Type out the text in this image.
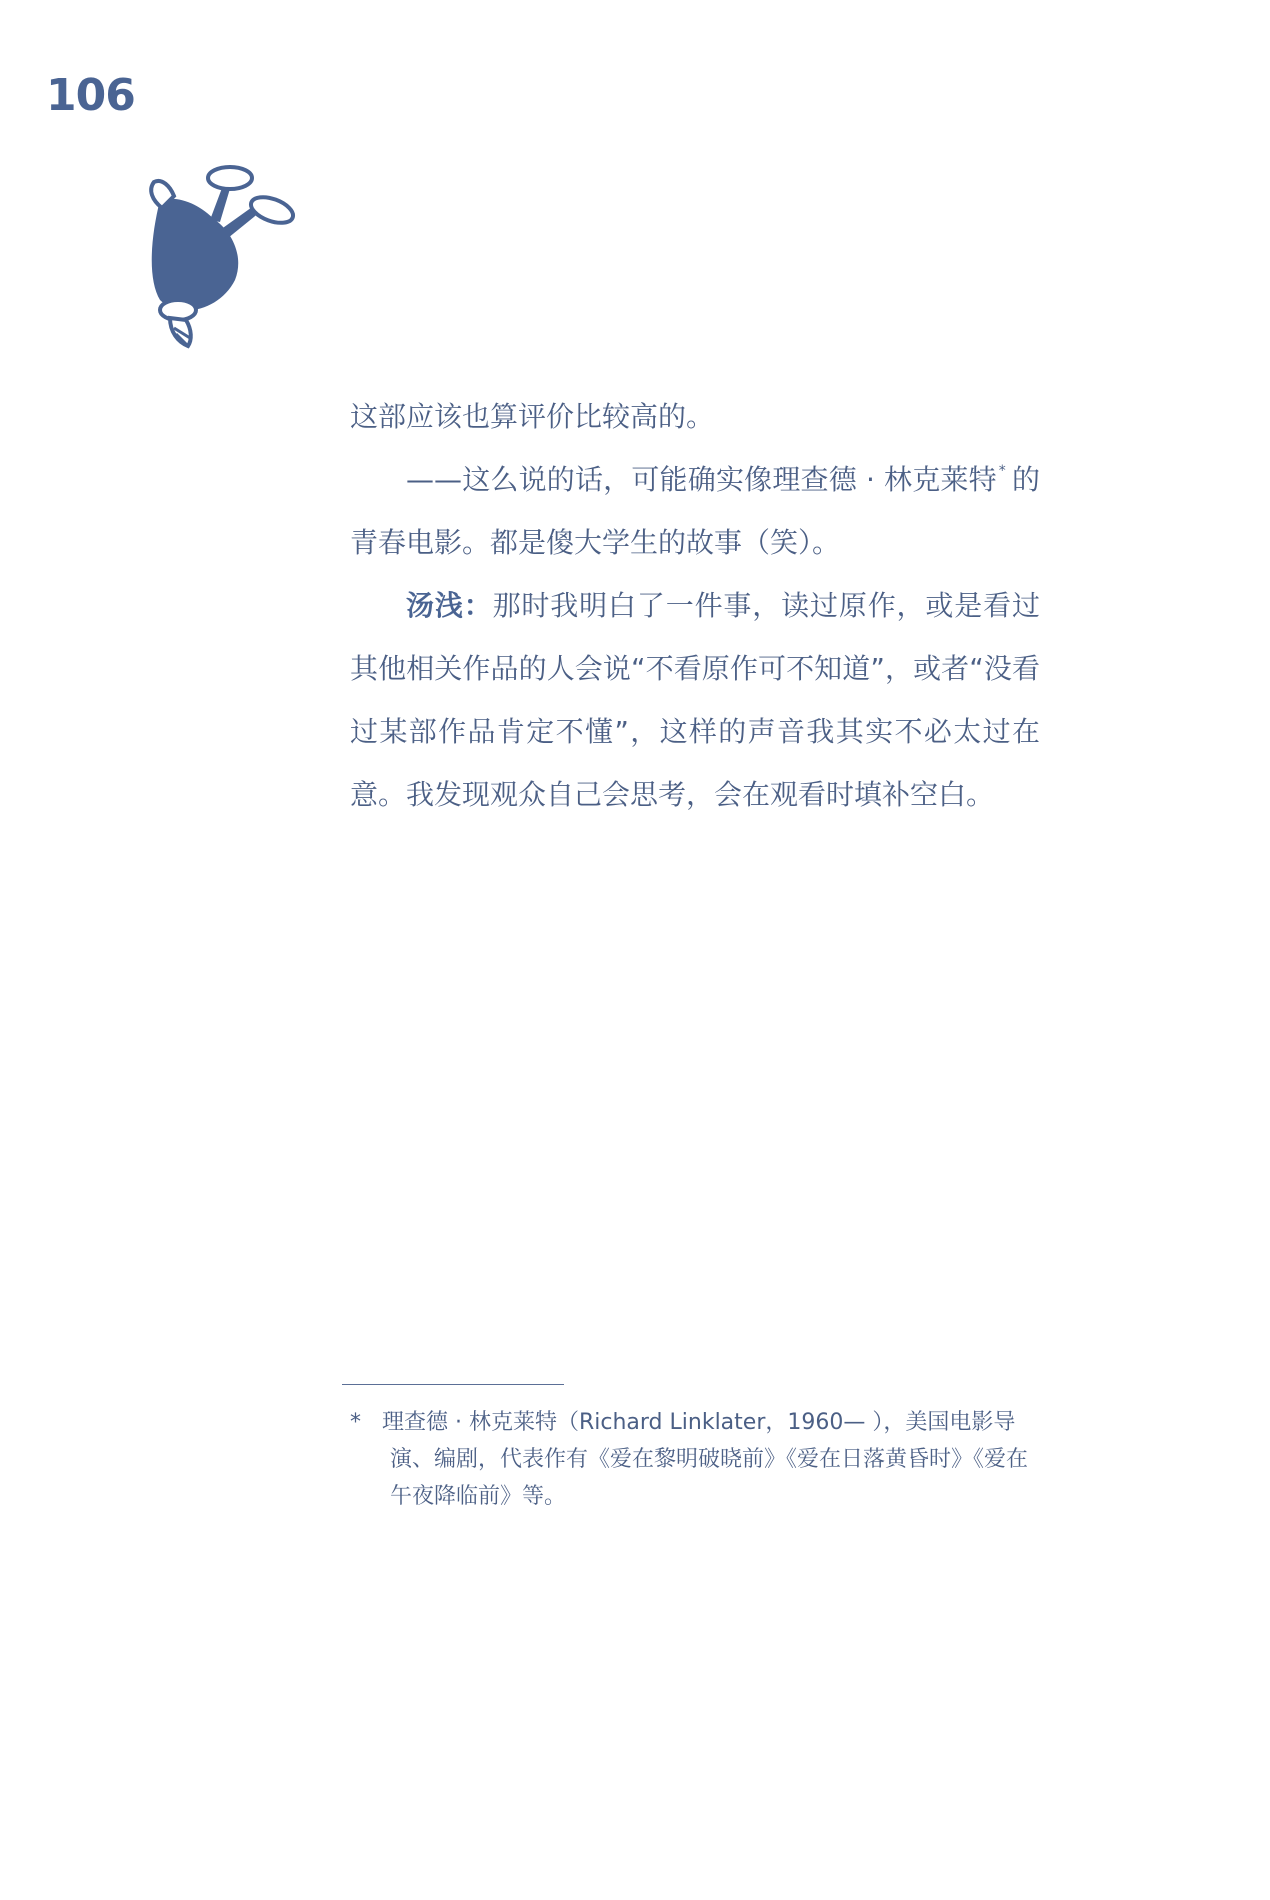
106

这部应该也算评价比较高的。

——这么说的话，可能确实像理查德 · 林克莱特 * 的青春电影。都是傻大学生的故事（笑）。

汤浅：那时我明白了一件事，读过原作，或是看过其他相关作品的人会说“不看原作可不知道”，或者“没看过某部作品肯定不懂”，这样的声音我其实不必太过在意。我发现观众自己会思考，会在观看时填补空白。

* 理查德 · 林克莱特（Richard Linklater，1960— ），美国电影导
演、编剧，代表作有《爱在黎明破晓前》《爱在日落黄昏时》《爱在午夜降临前》等。
